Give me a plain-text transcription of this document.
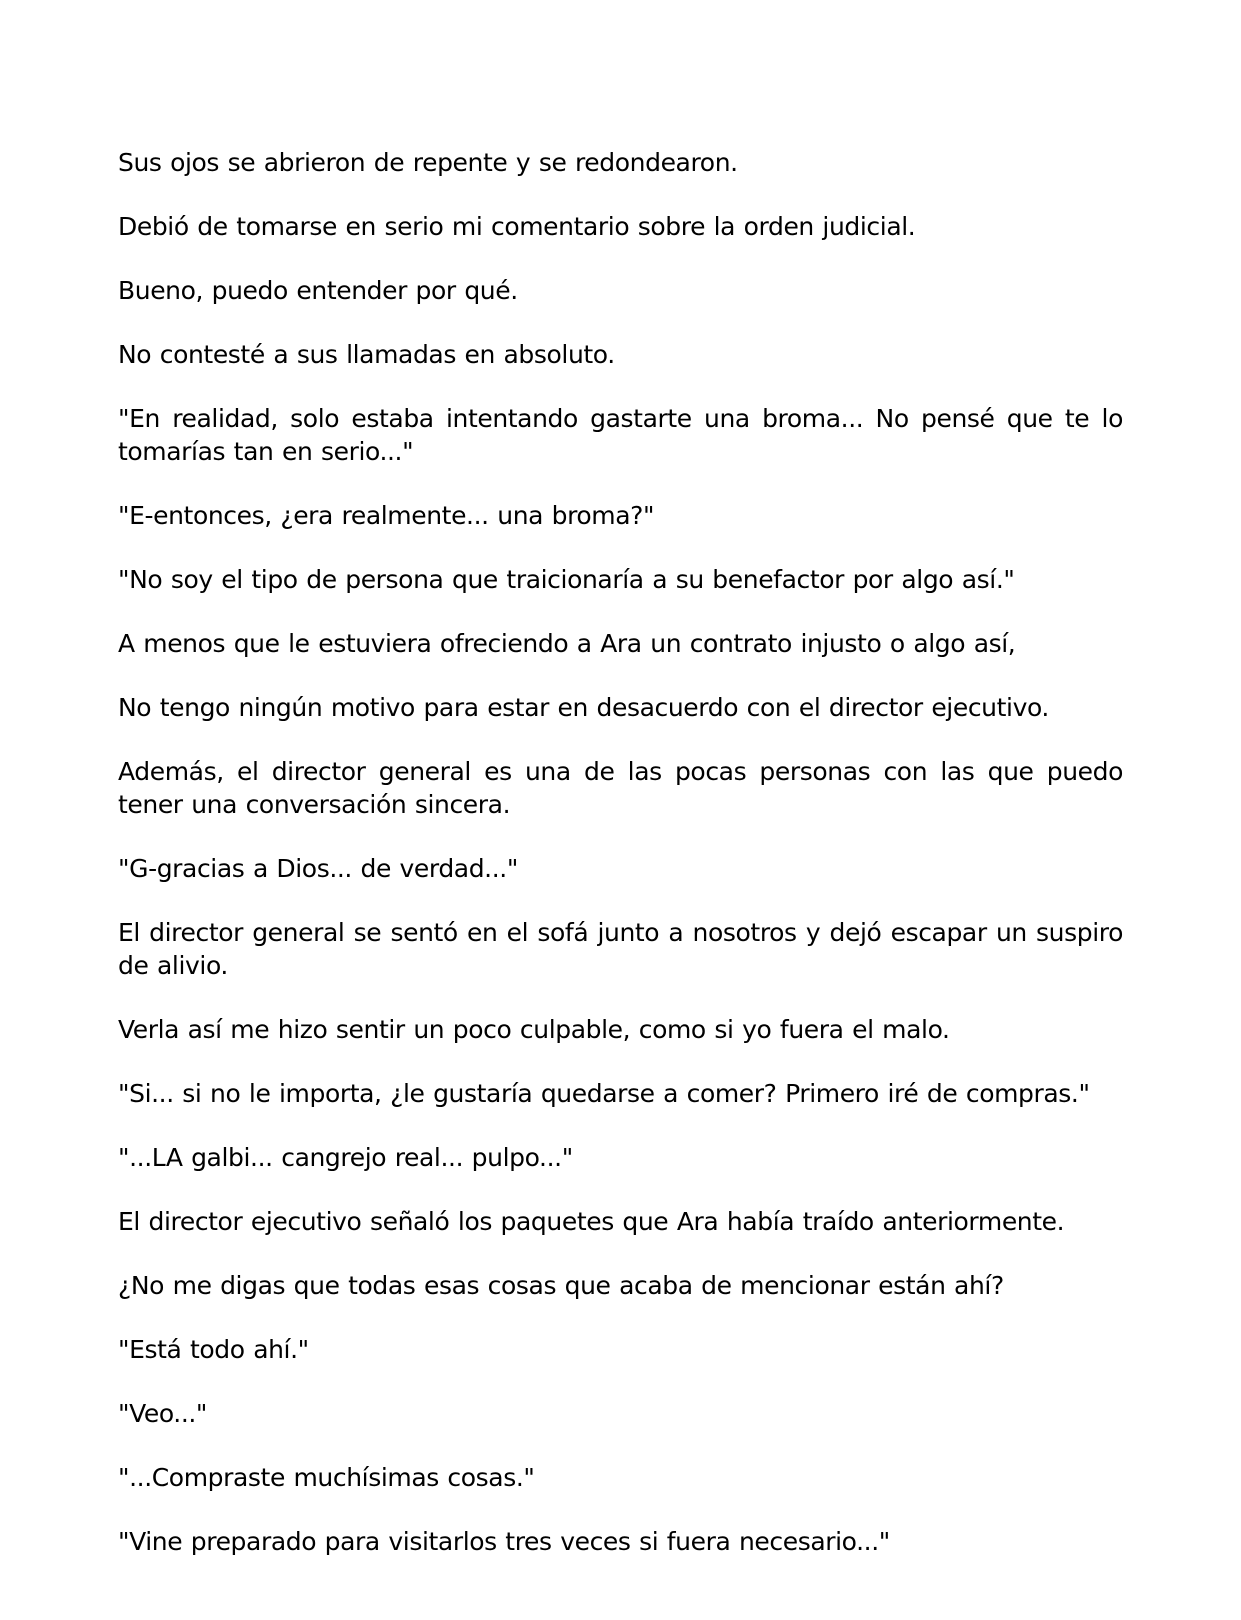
Sus ojos se abrieron de repente y se redondearon.

Debió de tomarse en serio mi comentario sobre la orden judicial.

Bueno, puedo entender por qué.

No contesté a sus llamadas en absoluto.

"En realidad, solo estaba intentando gastarte una broma... No pensé que te lo tomarías tan en serio..."

"E-entonces, ¿era realmente... una broma?"

"No soy el tipo de persona que traicionaría a su benefactor por algo así."

A menos que le estuviera ofreciendo a Ara un contrato injusto o algo así,

No tengo ningún motivo para estar en desacuerdo con el director ejecutivo.

Además, el director general es una de las pocas personas con las que puedo tener una conversación sincera.

"G-gracias a Dios... de verdad..."

El director general se sentó en el sofá junto a nosotros y dejó escapar un suspiro de alivio.

Verla así me hizo sentir un poco culpable, como si yo fuera el malo.

"Si... si no le importa, ¿le gustaría quedarse a comer? Primero iré de compras."

"...LA galbi... cangrejo real... pulpo..."

El director ejecutivo señaló los paquetes que Ara había traído anteriormente.

¿No me digas que todas esas cosas que acaba de mencionar están ahí?

"Está todo ahí."

"Veo..."

"...Compraste muchísimas cosas."

"Vine preparado para visitarlos tres veces si fuera necesario..."
